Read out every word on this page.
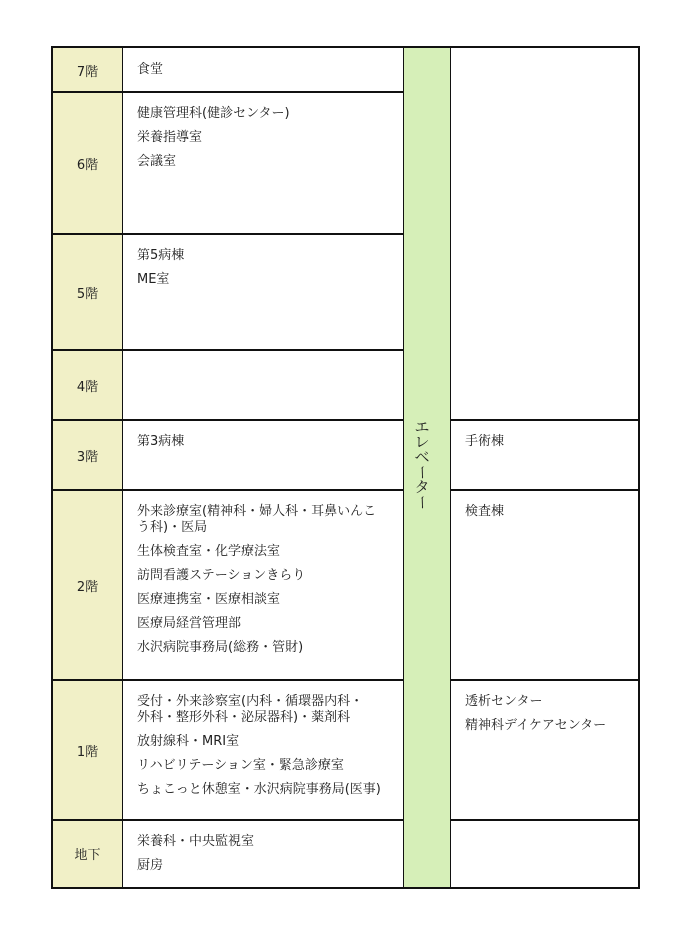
7階
6階
5階
4階
3階
2階
1階
地下
食堂
健康管理科(健診センター)
栄養指導室
会議室
第5病棟
ME室
第3病棟
外来診療室(精神科・婦人科・耳鼻いんこ
う科)・医局
生体検査室・化学療法室
訪問看護ステーションきらり
医療連携室・医療相談室
医療局経営管理部
水沢病院事務局(総務・管財)
受付・外来診察室(内科・循環器内科・
外科・整形外科・泌尿器科)・薬剤科
放射線科・MRI室
リハビリテーション室・緊急診療室
ちょこっと休憩室・水沢病院事務局(医事)
栄養科・中央監視室
厨房
手術棟
検査棟
透析センター
精神科デイケアセンター
エ
レ
ベ
ー
タ
ー
